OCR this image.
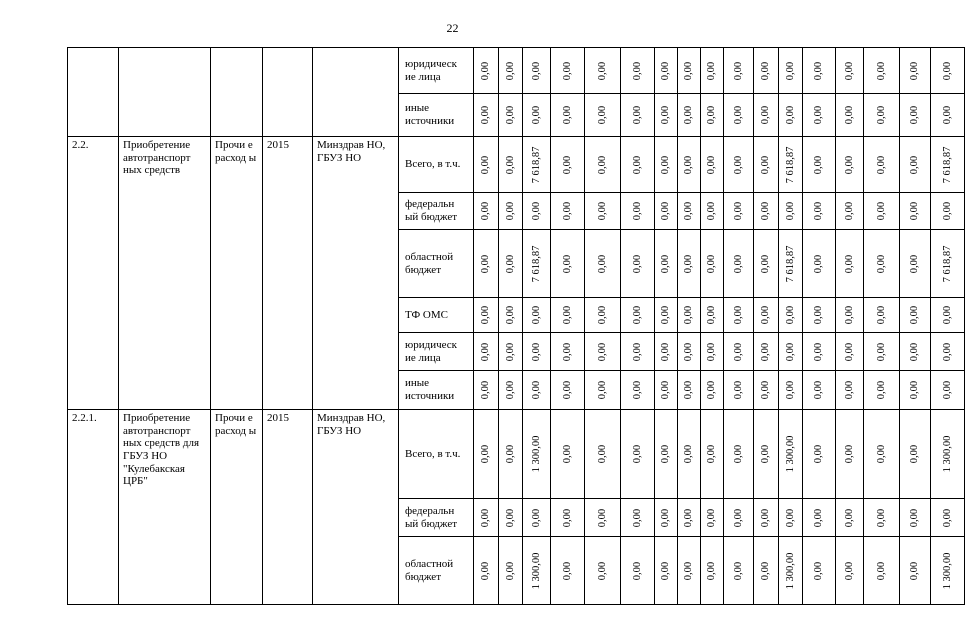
22
					юридическ ие лица	0,00	0,00	0,00	0,00	0,00	0,00	0,00	0,00	0,00	0,00	0,00	0,00	0,00	0,00	0,00	0,00	0,00

					иные источники	0,00	0,00	0,00	0,00	0,00	0,00	0,00	0,00	0,00	0,00	0,00	0,00	0,00	0,00	0,00	0,00	0,00

2.2.	Приобретение автотранспорт ных средств	Прочи е расход ы	2015	Минздрав НО, ГБУЗ НО	Всего, в т.ч.	0,00	0,00	7 618,87	0,00	0,00	0,00	0,00	0,00	0,00	0,00	0,00	7 618,87	0,00	0,00	0,00	0,00	7 618,87

					федеральн ый бюджет	0,00	0,00	0,00	0,00	0,00	0,00	0,00	0,00	0,00	0,00	0,00	0,00	0,00	0,00	0,00	0,00	0,00

					областной бюджет	0,00	0,00	7 618,87	0,00	0,00	0,00	0,00	0,00	0,00	0,00	0,00	7 618,87	0,00	0,00	0,00	0,00	7 618,87

					ТФ ОМС	0,00	0,00	0,00	0,00	0,00	0,00	0,00	0,00	0,00	0,00	0,00	0,00	0,00	0,00	0,00	0,00	0,00

					юридическ ие лица	0,00	0,00	0,00	0,00	0,00	0,00	0,00	0,00	0,00	0,00	0,00	0,00	0,00	0,00	0,00	0,00	0,00

					иные источники	0,00	0,00	0,00	0,00	0,00	0,00	0,00	0,00	0,00	0,00	0,00	0,00	0,00	0,00	0,00	0,00	0,00

2.2.1.	Приобретение автотранспорт ных средств для ГБУЗ НО "Кулебакская ЦРБ"	Прочи е расход ы	2015	Минздрав НО, ГБУЗ НО	Всего, в т.ч.	0,00	0,00	1 300,00	0,00	0,00	0,00	0,00	0,00	0,00	0,00	0,00	1 300,00	0,00	0,00	0,00	0,00	1 300,00

					федеральн ый бюджет	0,00	0,00	0,00	0,00	0,00	0,00	0,00	0,00	0,00	0,00	0,00	0,00	0,00	0,00	0,00	0,00	0,00

					областной бюджет	0,00	0,00	1 300,00	0,00	0,00	0,00	0,00	0,00	0,00	0,00	0,00	1 300,00	0,00	0,00	0,00	0,00	1 300,00
